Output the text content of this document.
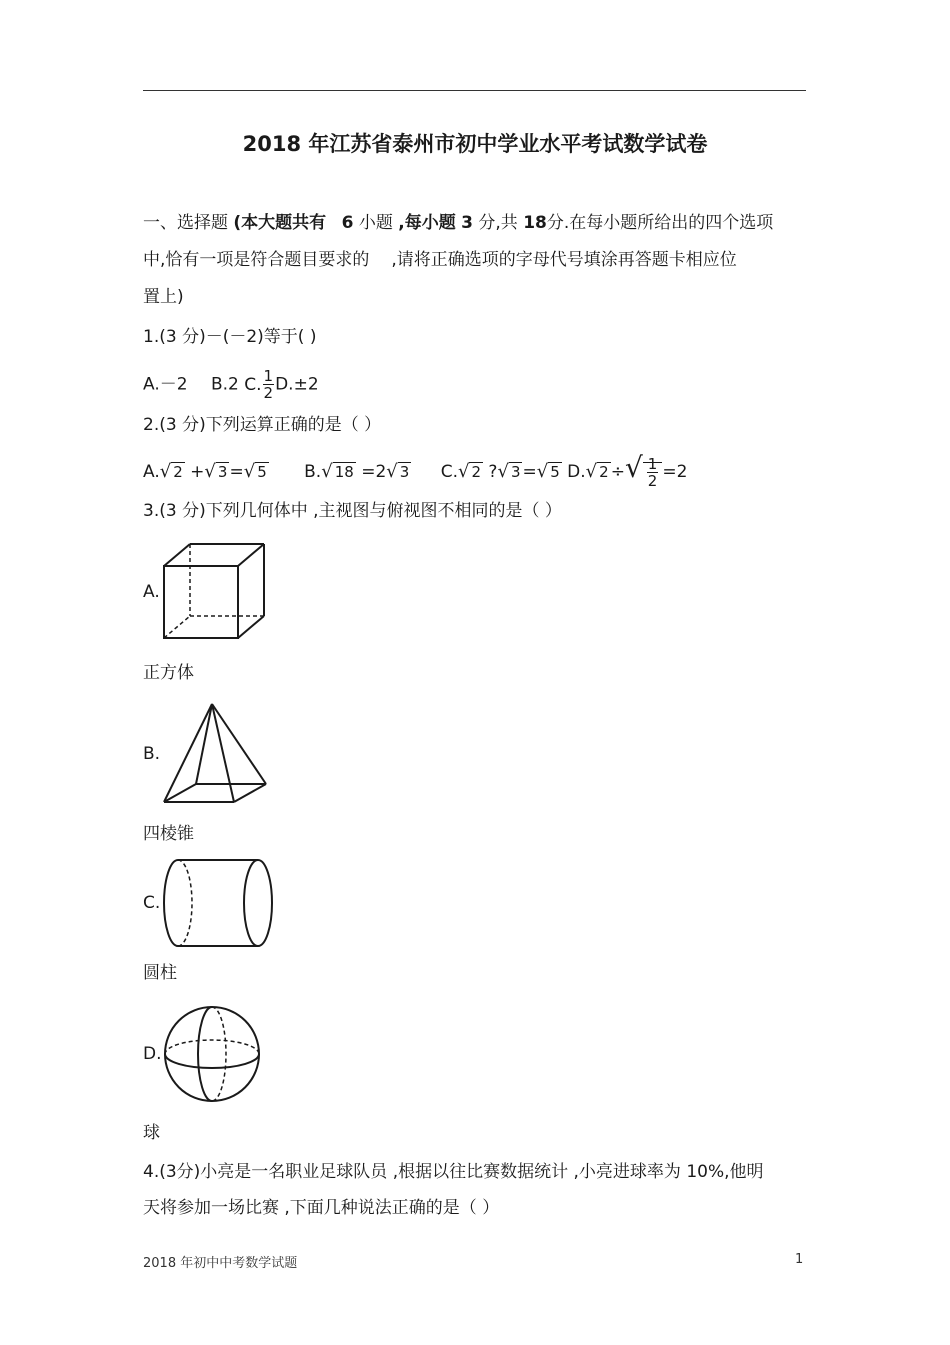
2018 年江苏省泰州市初中学业水平考试数学试卷
一、选择题 (本大题共有 6 小题 ,每小题 3 分,共 18分.在每小题所给出的四个选项
中,恰有一项是符合题目要求的 ,请将正确选项的字母代号填涂再答题卡相应位
置上)
1.(3 分)－(－2)等于( )
A.－2 B.2 C. $\frac{1}{2} D.\pm 2$
2.(3 分)下列运算正确的是（ ）
A.√ 2 +√ 3 =√ 5 B.√ 18 =2√ 3 C.√ 2 ?√ 3 =√ 5 D.√ 2 ÷√ $\frac{1}{2} =2$
3.(3 分)下列几何体中 ,主视图与俯视图不相同的是（ ）
A.
正方体
B.
四棱锥
C.
圆柱
D.
球
4.(3分)小亮是一名职业足球队员 ,根据以往比赛数据统计 ,小亮进球率为 10%,他明
天将参加一场比赛 ,下面几种说法正确的是（ ）
2018 年初中中考数学试题	1
